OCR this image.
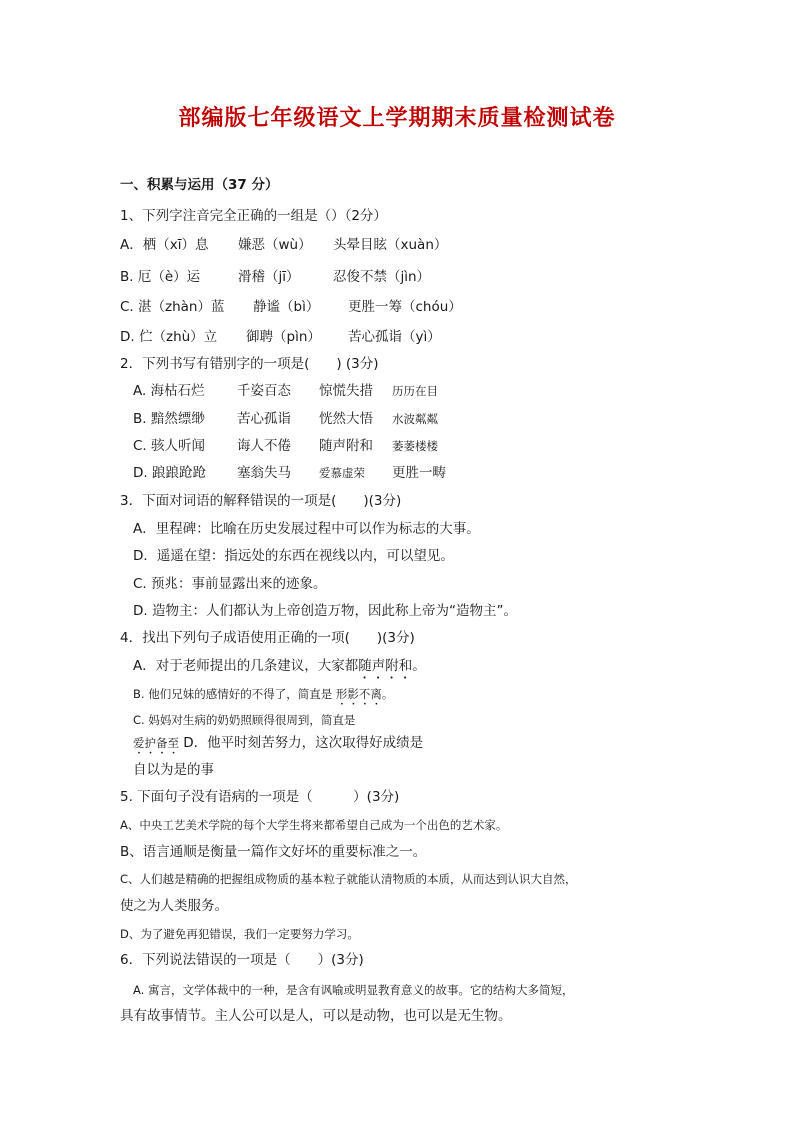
部编版七年级语文上学期期末质量检测试卷
一、积累与运用（37 分）
1、下列字注音完全正确的一组是（）（2分）
A．栖（xī）息 嫌恶（wù） 头晕目眩（xuàn）
B. 厄（è）运	滑稽（jī） 忍俊不禁（jìn）
C. 湛（zhàn）蓝 静谧（bì） 更胜一筹（chóu）
D. 伫（zhù）立 御聘（pìn） 苦心孤诣（yì）
2．下列书写有错别字的一项是(　　) (3分)
A. 海枯石烂 千姿百态 惊慌失措 历历在目
B. 黯然缥缈 苦心孤诣 恍然大悟 水波粼粼
C. 骇人听闻 诲人不倦 随声附和 萎萎楼楼
D. 踉踉跄跄 塞翁失马 爱慕虚荣 更胜一畴
3．下面对词语的解释错误的一项是(　　)(3分)
A．里程碑：比喻在历史发展过程中可以作为标志的大事。
D．遥遥在望：指远处的东西在视线以内，可以望见。
C. 预兆：事前显露出来的迹象。
D. 造物主：人们都认为上帝创造万物，因此称上帝为“造物主”。
4．找出下列句子成语使用正确的一项(　　)(3分)
A．对于老师提出的几条建议，大家都随声附和。
B. 他们兄妹的感情好的不得了，简直是 形影不离。
C. 妈妈对生病的奶奶照顾得很周到，简直是
爱护备至 D．他平时刻苦努力，这次取得好成绩是
自以为是的事
5. 下面句子没有语病的一项是（　　　）(3分)
A、中央工艺美术学院的每个大学生将来都希望自己成为一个出色的艺术家。
B、语言通顺是衡量一篇作文好坏的重要标准之一。
C、人们越是精确的把握组成物质的基本粒子就能认清物质的本质，从而达到认识大自然，
使之为人类服务。
D、为了避免再犯错误，我们一定要努力学习。
6．下列说法错误的一项是（　　）(3分)
A. 寓言，文学体裁中的一种，是含有讽喻或明显教育意义的故事。它的结构大多简短，
具有故事情节。主人公可以是人，可以是动物，也可以是无生物。
